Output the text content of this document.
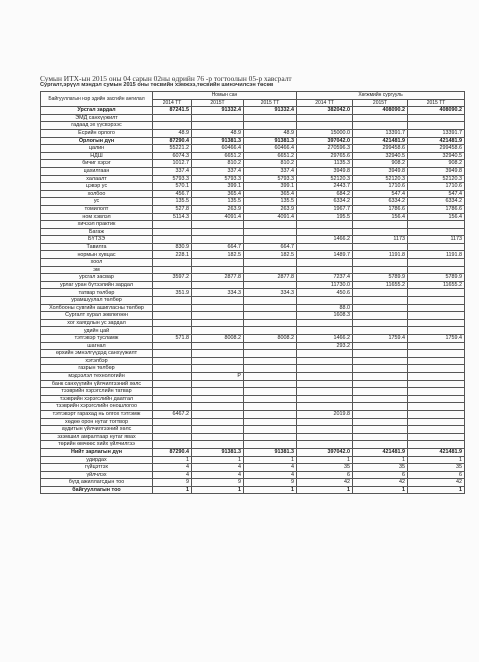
Сумын ИТХ-ын 2015 оны 04 сарын 02ны өдрийн 76 -р тогтоолын 05-р хавсралт
Сургалт,эрүүл мэндэл сумын 2015 оны төсвийн хэмжээ,төсвийн шинэчилсэн төсөв
Байгууллагын нэр эдийн засгийн ангилал	Номын сан			Хөгжмийн сургууль		
	2014 ТТ	2015Т	2015 ТТ	2014 ТТ	2015Т	2015 ТТ
Урсгал зардал	87241.5	91332.4	91332.4	382042.0	408090.2	408090.2
ЭМД санхүүжилт						
гадаад эх үүсвэрээс						
Ёсрийн орлого	48.9	48.9	48.9	15000.0	13391.7	13391.7
Орлогын дүн	87290.4	91381.3	91381.3	397042.0	421481.9	421481.9
цалин	55221.2	60466.4	60466.4	270596.3	299458.6	299458.6
НДШ	6074.3	6651.2	6651.2	29765.6	32940.5	32940.5
бичиг хэрэг	1012.7	810.2	810.2	1135.3	908.2	908.2
цахилгаан	337.4	337.4	337.4	3949.8	3949.8	3949.8
халаалт	5793.3	5793.3	5793.3	52120.3	52120.3	52120.3
цэвэр ус	570.1	399.1	399.1	2443.7	1710.6	1710.6
холбоо	456.7	365.4	365.4	684.2	547.4	547.4
ус	135.5	135.5	135.5	6334.2	6334.2	6334.2
томилолт	527.8	263.9	263.9	1967.7	1786.6	1786.6
ном хэвлэл	5114.3	4091.4	4091.4	195.5	156.4	156.4
хичээл практик						
Багаж						
БҮТЗЭ				1466.2	1173	1173
Тавилга	830.9	664.7	664.7			
нормын хувцас	228.1	182.5	182.5	1489.7	1191.8	1191.8
хоол						
эм						
урсгал засвар	3597.2	2877.8	2877.8	7237.4	5789.9	5789.9
урлаг уран бүтээлийн зардал				11730.0	11655.2	11655.2
татвар төлбөр	351.9	334.3	334.3	450.6		
урамшуулал төлбөр						
Холбооны сувгийн ашигласны төлбөр				88.0		
Сургалт хурал зөвлөгөөн				1608.3		
хог хаягдлын ус зардал						
удийн цай						
тэтгэвэр тусламж	571.8	8008.2	8008.2	1466.2	1759.4	1759.4
шагнал				293.2		
өрхийн эмнэлгүүдэд санхүүжилт						
хэтэлбэр						
газрын төлбөр						
мэдээлэл технологийн		Р				
банк санхүүгийн үйлчилгээний хөлс						
тээврийн хэрэгслийн татвар						
тээврийн хэрэгслийн даатгал						
тээврийн хэрэгслийн оношлогоо						
тэтгэвэрт гарахад нь олгох тэтгэмж	6467.2			2019.8		
хөдөө орон нутаг тогтвор						
аудитын үйлчилгээний хөлс						
эзэмшил амралтаар нутаг явах						
төрийн өмчөөс хийх үйлчилгээ						
Нийт зарлагын дүн	87290.4	91381.3	91381.3	397042.0	421481.9	421481.9
удирдах	1	1	1	1	1	1
гүйцэтгэх	4	4	4	35	35	35
үйлчлэх	4	4	4	6	6	6
бүгд ажиллагсдын тоо	9	9	9	42	42	42
байгууллагын тоо	1	1	1	1	1	1
